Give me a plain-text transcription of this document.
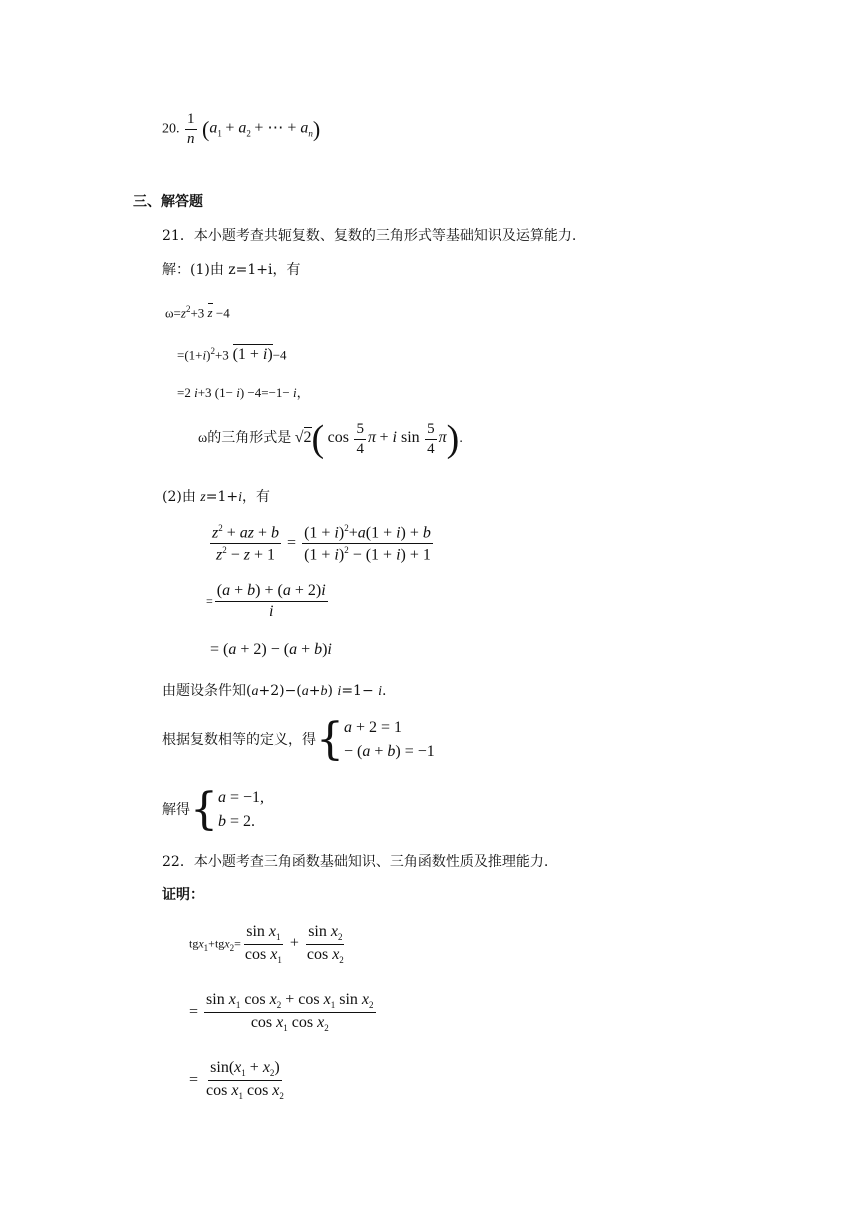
20. $\frac{1}{n} (a_1 + a_2$ + ⋯ + $a_n$)
三、解答题
21．本小题考查共轭复数、复数的三角形式等基础知识及运算能力.
解：(1)由 z=1+i，有
$\omega=z^2+3$ z −4
$=(1+i)^2+3$ (1 + i)−4
=2 i+3 (1− i) −4=−1− i，
ω的三角形式是 √2( $\cos \frac{5}{4}$ π + i $\sin \frac{5}{4} \pi$).
(2)由 z=1+i，有
$\frac{z^2 + az + b}{z^2 - z + 1} = \frac{(1 + i)^2+a(1 + i) + b}{(1 + i)^2 - (1 + i) + 1}$
= $\frac{(a + b) + (a + 2)i}{i}$
= (a + 2) − (a + b)i
由题设条件知(a+2)−(a+b) i=1− i.
根据复数相等的定义，得 { a + 2 = 1
− (a + b) = −1
解得 { a = −1,
b = 2.
22．本小题考查三角函数基础知识、三角函数性质及推理能力.
证明：
$tgx_1+tgx_2= \frac{\sin x_1}{\cos x_1} + \frac{\sin x_2}{\cos x_2}$
= $\frac{\sin x_1 \cos x_2 + \cos x_1 \sin x_2}{\cos x_1 \cos x_2}$
= $\frac{\sin(x_1 + x_2)}{\cos x_1 \cos x_2}$
